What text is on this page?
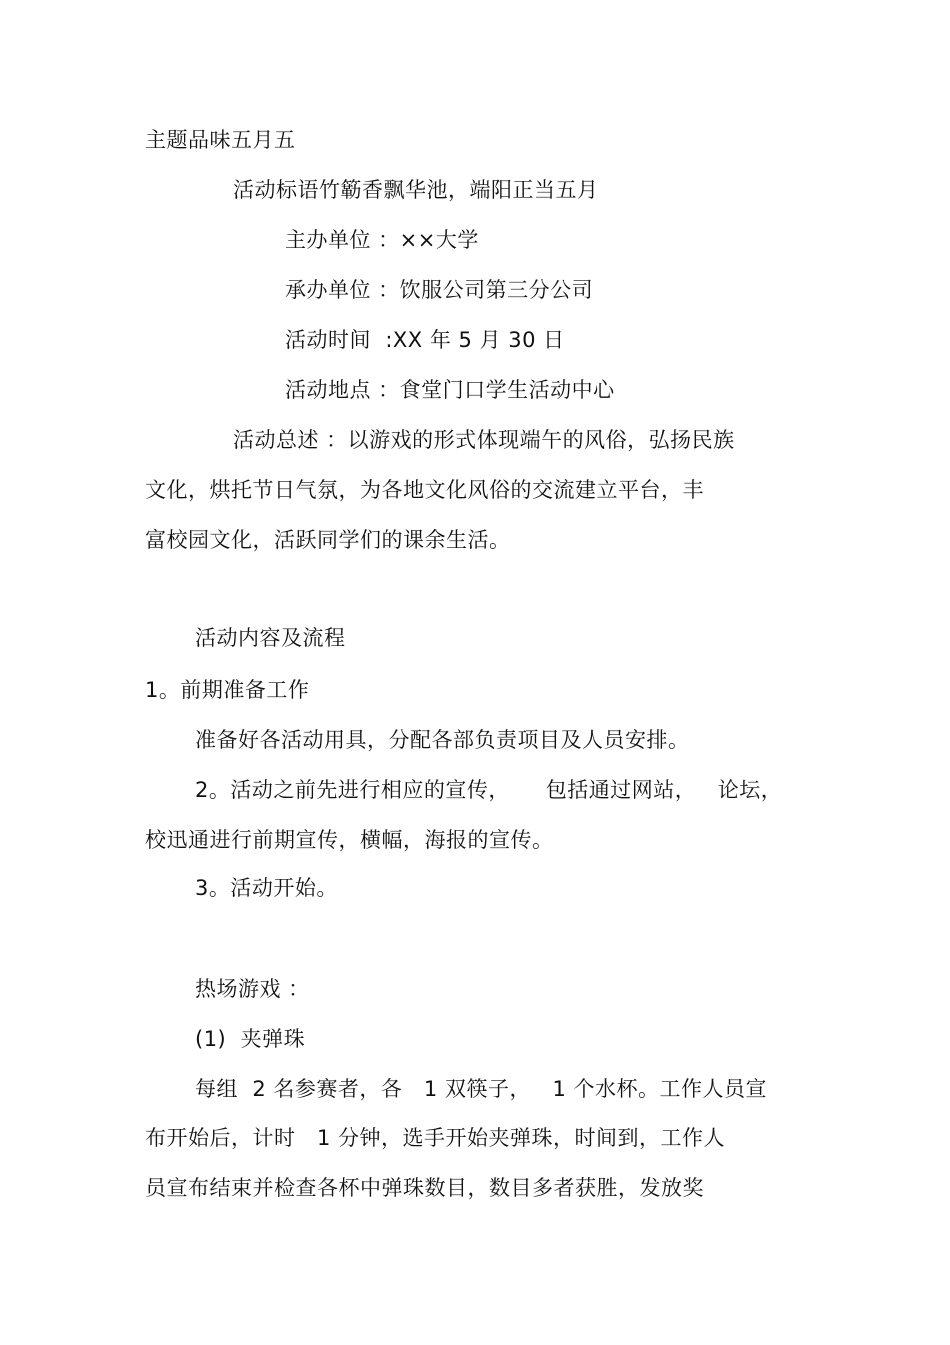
主题品味五月五
活动标语竹簕香飘华池，端阳正当五月
主办单位 ：××大学
承办单位 ：饮服公司第三分公司
活动时间  :XX 年 5 月 30 日
活动地点 ：食堂门口学生活动中心
活动总述 ：以游戏的形式体现端午的风俗，弘扬民族
文化，烘托节日气氛，为各地文化风俗的交流建立平台，丰
富校园文化，活跃同学们的课余生活。
活动内容及流程
1。前期准备工作
准备好各活动用具，分配各部负责项目及人员安排。
2。活动之前先进行相应的宣传，     包括通过网站，   论坛，
校迅通进行前期宣传，横幅，海报的宣传。
3。活动开始。
热场游戏 ：
(1)  夹弹珠
每组  2 名参赛者，各   1 双筷子，   1 个水杯。工作人员宣
布开始后，计时   1 分钟，选手开始夹弹珠，时间到，工作人
员宣布结束并检查各杯中弹珠数目，数目多者获胜，发放奖
